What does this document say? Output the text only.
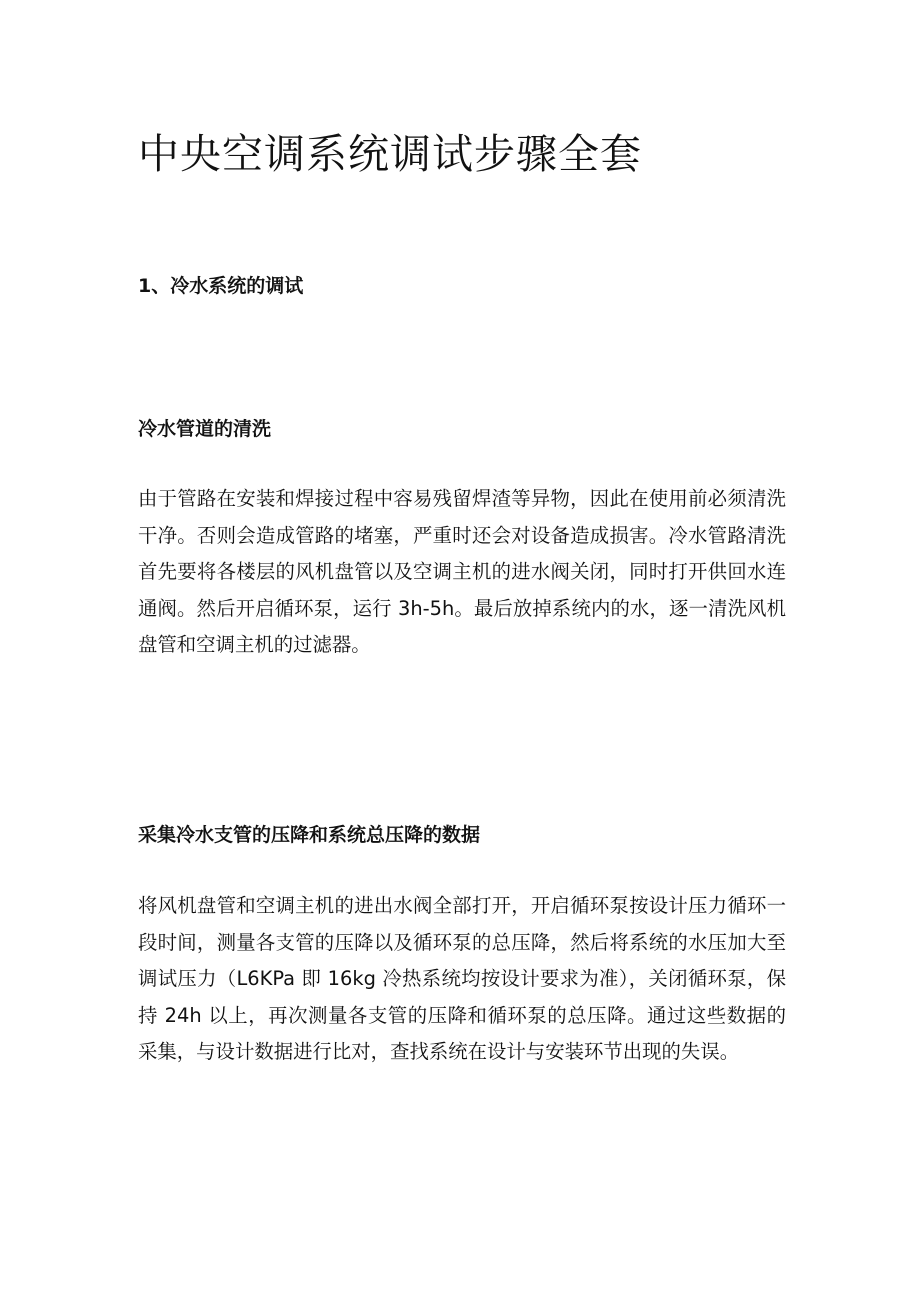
中央空调系统调试步骤全套
1、冷水系统的调试
冷水管道的清洗

由于管路在安装和焊接过程中容易残留焊渣等异物，因此在使用前必须清洗干净。否则会造成管路的堵塞，严重时还会对设备造成损害。冷水管路清洗首先要将各楼层的风机盘管以及空调主机的进水阀关闭，同时打开供回水连通阀。然后开启循环泵，运行 3h-5h。最后放掉系统内的水，逐一清洗风机盘管和空调主机的过滤器。

采集冷水支管的压降和系统总压降的数据

将风机盘管和空调主机的进出水阀全部打开，开启循环泵按设计压力循环一段时间，测量各支管的压降以及循环泵的总压降，然后将系统的水压加大至调试压力（L6KPa 即 16kg 冷热系统均按设计要求为准），关闭循环泵，保持 24h 以上，再次测量各支管的压降和循环泵的总压降。通过这些数据的采集，与设计数据进行比对，查找系统在设计与安装环节出现的失误。
